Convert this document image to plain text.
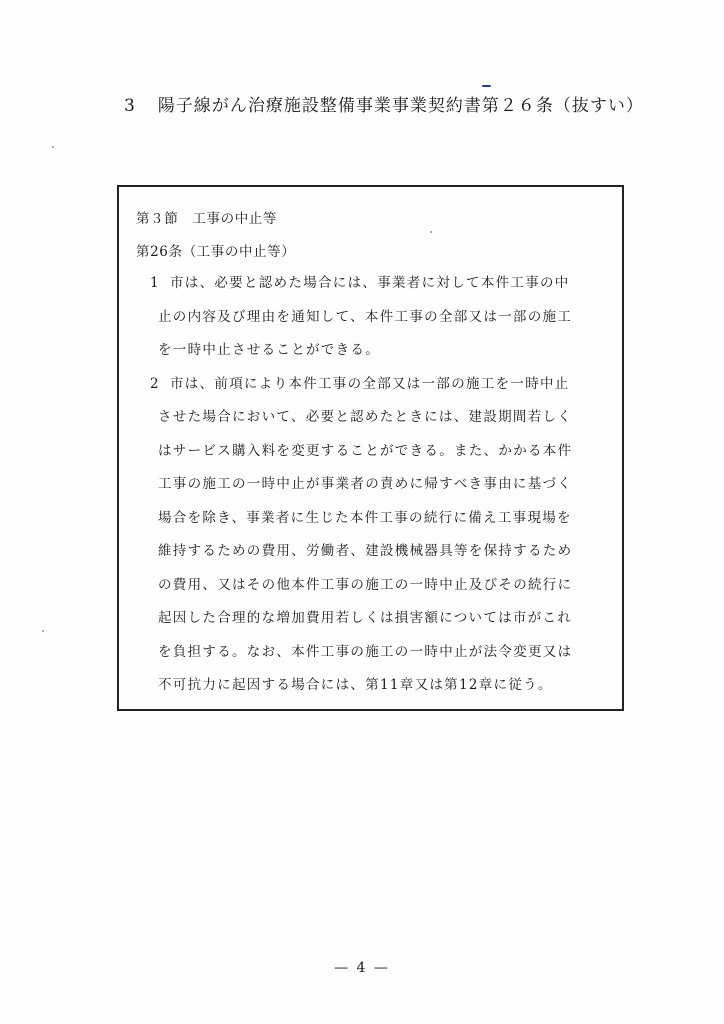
3 陽子線がん治療施設整備事業事業契約書第２６条（抜すい）
第３節　工事の中止等
第26条（工事の中止等）
1 市は、必要と認めた場合には、事業者に対して本件工事の中
止の内容及び理由を通知して、本件工事の全部又は一部の施工
を一時中止させることができる。
2 市は、前項により本件工事の全部又は一部の施工を一時中止
させた場合において、必要と認めたときには、建設期間若しく
はサービス購入料を変更することができる。また、かかる本件
工事の施工の一時中止が事業者の責めに帰すべき事由に基づく
場合を除き、事業者に生じた本件工事の続行に備え工事現場を
維持するための費用、労働者、建設機械器具等を保持するため
の費用、又はその他本件工事の施工の一時中止及びその続行に
起因した合理的な増加費用若しくは損害額については市がこれ
を負担する。なお、本件工事の施工の一時中止が法令変更又は
不可抗力に起因する場合には、第11章又は第12章に従う。
— 4 —
